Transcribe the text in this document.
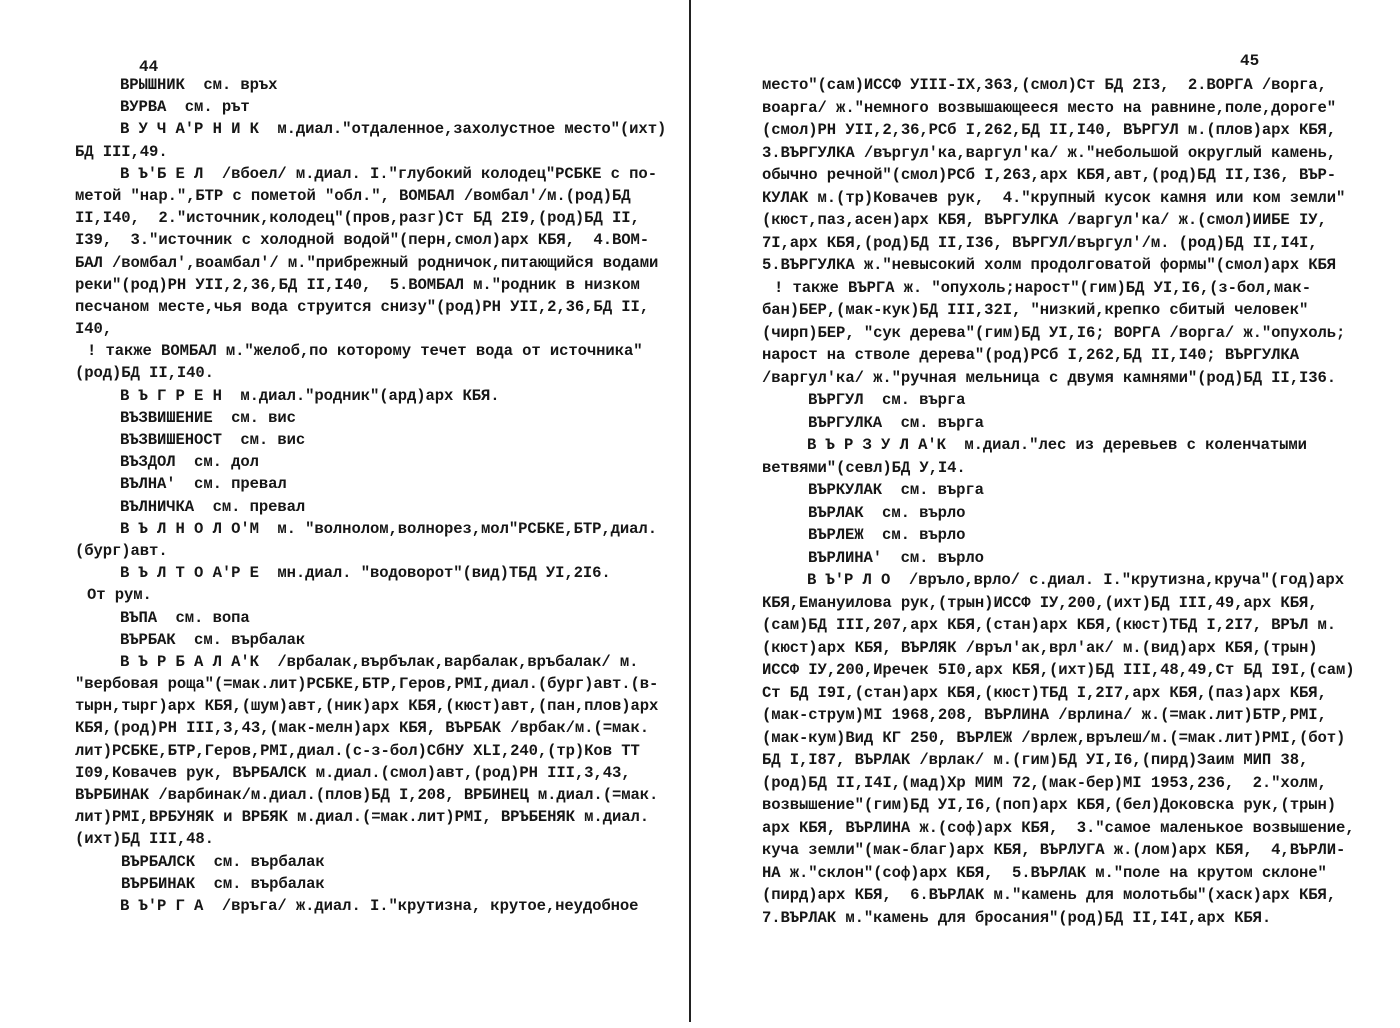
44
ВРЫШНИК  см. връх
ВУРВА  см. рът
В У Ч А'Р Н И К  м.диал."отдаленное,захолустное место"(ихт)
БД III,49.
В Ъ'Б Е Л  /вбоел/ м.диал. I."глубокий колодец"РСБКЕ с по-
метой "нар.",БТР с пометой "обл.", ВОМБАЛ /вомбал'/м.(род)БД
II,I40,  2."источник,колодец"(пров,разг)Ст БД 2I9,(род)БД II,
I39,  3."источник с холодной водой"(перн,смол)арх КБЯ,  4.ВОМ-
БАЛ /вомбал',воамбал'/ м."прибрежный родничок,питающийся водами
реки"(род)РН УII,2,36,БД II,I40,  5.ВОМБАЛ м."родник в низком
песчаном месте,чья вода струится снизу"(род)РН УII,2,36,БД II,
I40,
! также ВОМБАЛ м."желоб,по которому течет вода от источника"
(род)БД II,I40.
В Ъ Г Р Е Н  м.диал."родник"(ард)арх КБЯ.
ВЪЗВИШЕНИЕ  см. вис
ВЪЗВИШЕНОСТ  см. вис
ВЪЗДОЛ  см. дол
ВЪЛНА'  см. превал
ВЪЛНИЧКА  см. превал
В Ъ Л Н О Л О'М  м. "волнолом,волнорез,мол"РСБКЕ,БТР,диал.
(бург)авт.
В Ъ Л Т О А'Р Е  мн.диал. "водоворот"(вид)ТБД УI,2I6.
От рум.
ВЪПА  см. вопа
ВЪРБАК  см. върбалак
В Ъ Р Б А Л А'К  /врбалак,върбълак,варбалак,връбалак/ м.
"вербовая роща"(=мак.лит)РСБКЕ,БТР,Геров,PMI,диал.(бург)авт.(в-
тырн,тырг)арх КБЯ,(шум)авт,(ник)арх КБЯ,(кюст)авт,(пан,плов)арх
КБЯ,(род)РН III,3,43,(мак-мелн)арх КБЯ, ВЪРБАК /врбак/м.(=мак.
лит)РСБКЕ,БТР,Геров,PMI,диал.(с-з-бол)СбНУ XLI,240,(тр)Ков ТТ
I09,Ковачев рук, ВЪРБАЛСК м.диал.(смол)авт,(род)РН III,3,43,
ВЪРБИНАК /варбинак/м.диал.(плов)БД I,208, ВРБИНЕЦ м.диал.(=мак.
лит)PMI,ВРБУНЯК и ВРБЯК м.диал.(=мак.лит)PMI, ВРЪБЕНЯК м.диал.
(ихт)БД III,48.
ВЪРБАЛСК  см. върбалак
ВЪРБИНАК  см. върбалак
В Ъ'Р Г А  /връга/ ж.диал. I."крутизна, крутое,неудобное
45
место"(сам)ИССФ УIII-IX,363,(смол)Ст БД 2I3,  2.ВОРГА /ворга,
воарга/ ж."немного возвышающееся место на равнине,поле,дороге"
(смол)РН УII,2,36,РСб I,262,БД II,I40, ВЪРГУЛ м.(плов)арх КБЯ,
3.ВЪРГУЛКА /въргул'ка,варгул'ка/ ж."небольшой округлый камень,
обычно речной"(смол)РСб I,263,арх КБЯ,авт,(род)БД II,I36, ВЪР-
КУЛАК м.(тр)Ковачев рук,  4."крупный кусок камня или ком земли"
(кюст,паз,асен)арх КБЯ, ВЪРГУЛКА /варгул'ка/ ж.(смол)ИИБЕ IУ,
7I,арх КБЯ,(род)БД II,I36, ВЪРГУЛ/въргул'/м. (род)БД II,I4I,
5.ВЪРГУЛКА ж."невысокий холм продолговатой формы"(смол)арх КБЯ
! также ВЪРГА ж. "опухоль;нарост"(гим)БД УI,I6,(з-бол,мак-
бан)БЕР,(мак-кук)БД III,32I, "низкий,крепко сбитый человек"
(чирп)БЕР, "сук дерева"(гим)БД УI,I6; ВОРГА /ворга/ ж."опухоль;
нарост на стволе дерева"(род)РСб I,262,БД II,I40; ВЪРГУЛКА
/варгул'ка/ ж."ручная мельница с двумя камнями"(род)БД II,I36.
ВЪРГУЛ  см. върга
ВЪРГУЛКА  см. върга
В Ъ Р З У Л А'К  м.диал."лес из деревьев с коленчатыми
ветвями"(севл)БД У,I4.
ВЪРКУЛАК  см. върга
ВЪРЛАК  см. върло
ВЪРЛЕЖ  см. върло
ВЪРЛИНА'  см. върло
В Ъ'Р Л О  /връло,врло/ с.диал. I."крутизна,круча"(год)арх
КБЯ,Емануилова рук,(трын)ИССФ IУ,200,(ихт)БД III,49,арх КБЯ,
(сам)БД III,207,арх КБЯ,(стан)арх КБЯ,(кюст)ТБД I,2I7, ВРЪЛ м.
(кюст)арх КБЯ, ВЪРЛЯК /връл'ак,врл'ак/ м.(вид)арх КБЯ,(трын)
ИССФ IУ,200,Иречек 5I0,арх КБЯ,(ихт)БД III,48,49,Ст БД I9I,(сам)
Ст БД I9I,(стан)арх КБЯ,(кюст)ТБД I,2I7,арх КБЯ,(паз)арх КБЯ,
(мак-струм)МI 1968,208, ВЪРЛИНА /врлина/ ж.(=мак.лит)БТР,PMI,
(мак-кум)Вид КГ 250, ВЪРЛЕЖ /врлеж,врълеш/м.(=мак.лит)PMI,(бот)
БД I,I87, ВЪРЛАК /врлак/ м.(гим)БД УI,I6,(пирд)Заим МИП 38,
(род)БД II,I4I,(мад)Хр МИМ 72,(мак-бер)МI 1953,236,  2."холм,
возвышение"(гим)БД УI,I6,(поп)арх КБЯ,(бел)Доковска рук,(трын)
арх КБЯ, ВЪРЛИНА ж.(соф)арх КБЯ,  3."самое маленькое возвышение,
куча земли"(мак-благ)арх КБЯ, ВЪРЛУГА ж.(лом)арх КБЯ,  4,ВЪРЛИ-
НА ж."склон"(соф)арх КБЯ,  5.ВЪРЛАК м."поле на крутом склоне"
(пирд)арх КБЯ,  6.ВЪРЛАК м."камень для молотьбы"(хаск)арх КБЯ,
7.ВЪРЛАК м."камень для бросания"(род)БД II,I4I,арх КБЯ.
